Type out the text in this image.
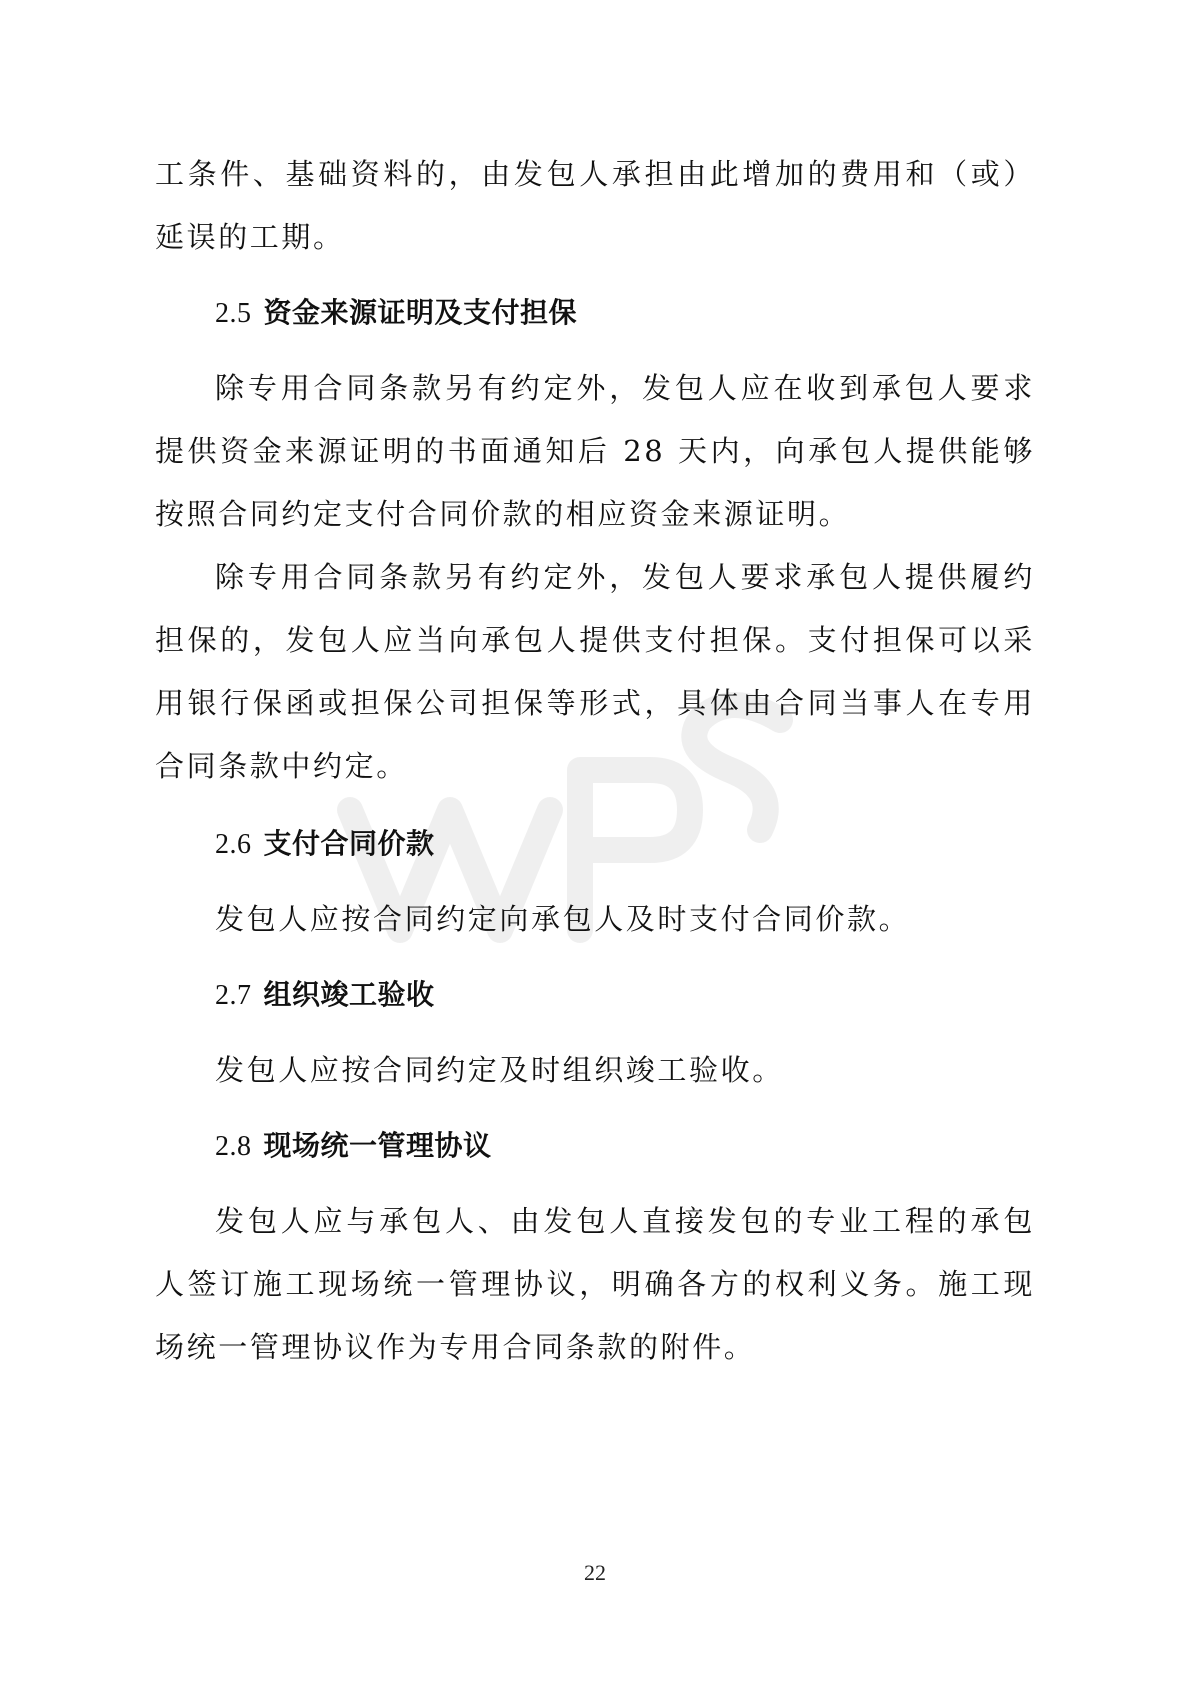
工条件、基础资料的，由发包人承担由此增加的费用和（或）延误的工期。

2.5 资金来源证明及支付担保

除专用合同条款另有约定外，发包人应在收到承包人要求提供资金来源证明的书面通知后 28 天内，向承包人提供能够按照合同约定支付合同价款的相应资金来源证明。

除专用合同条款另有约定外，发包人要求承包人提供履约担保的，发包人应当向承包人提供支付担保。支付担保可以采用银行保函或担保公司担保等形式，具体由合同当事人在专用合同条款中约定。

2.6 支付合同价款

发包人应按合同约定向承包人及时支付合同价款。

2.7 组织竣工验收

发包人应按合同约定及时组织竣工验收。

2.8 现场统一管理协议

发包人应与承包人、由发包人直接发包的专业工程的承包人签订施工现场统一管理协议，明确各方的权利义务。施工现场统一管理协议作为专用合同条款的附件。

22
